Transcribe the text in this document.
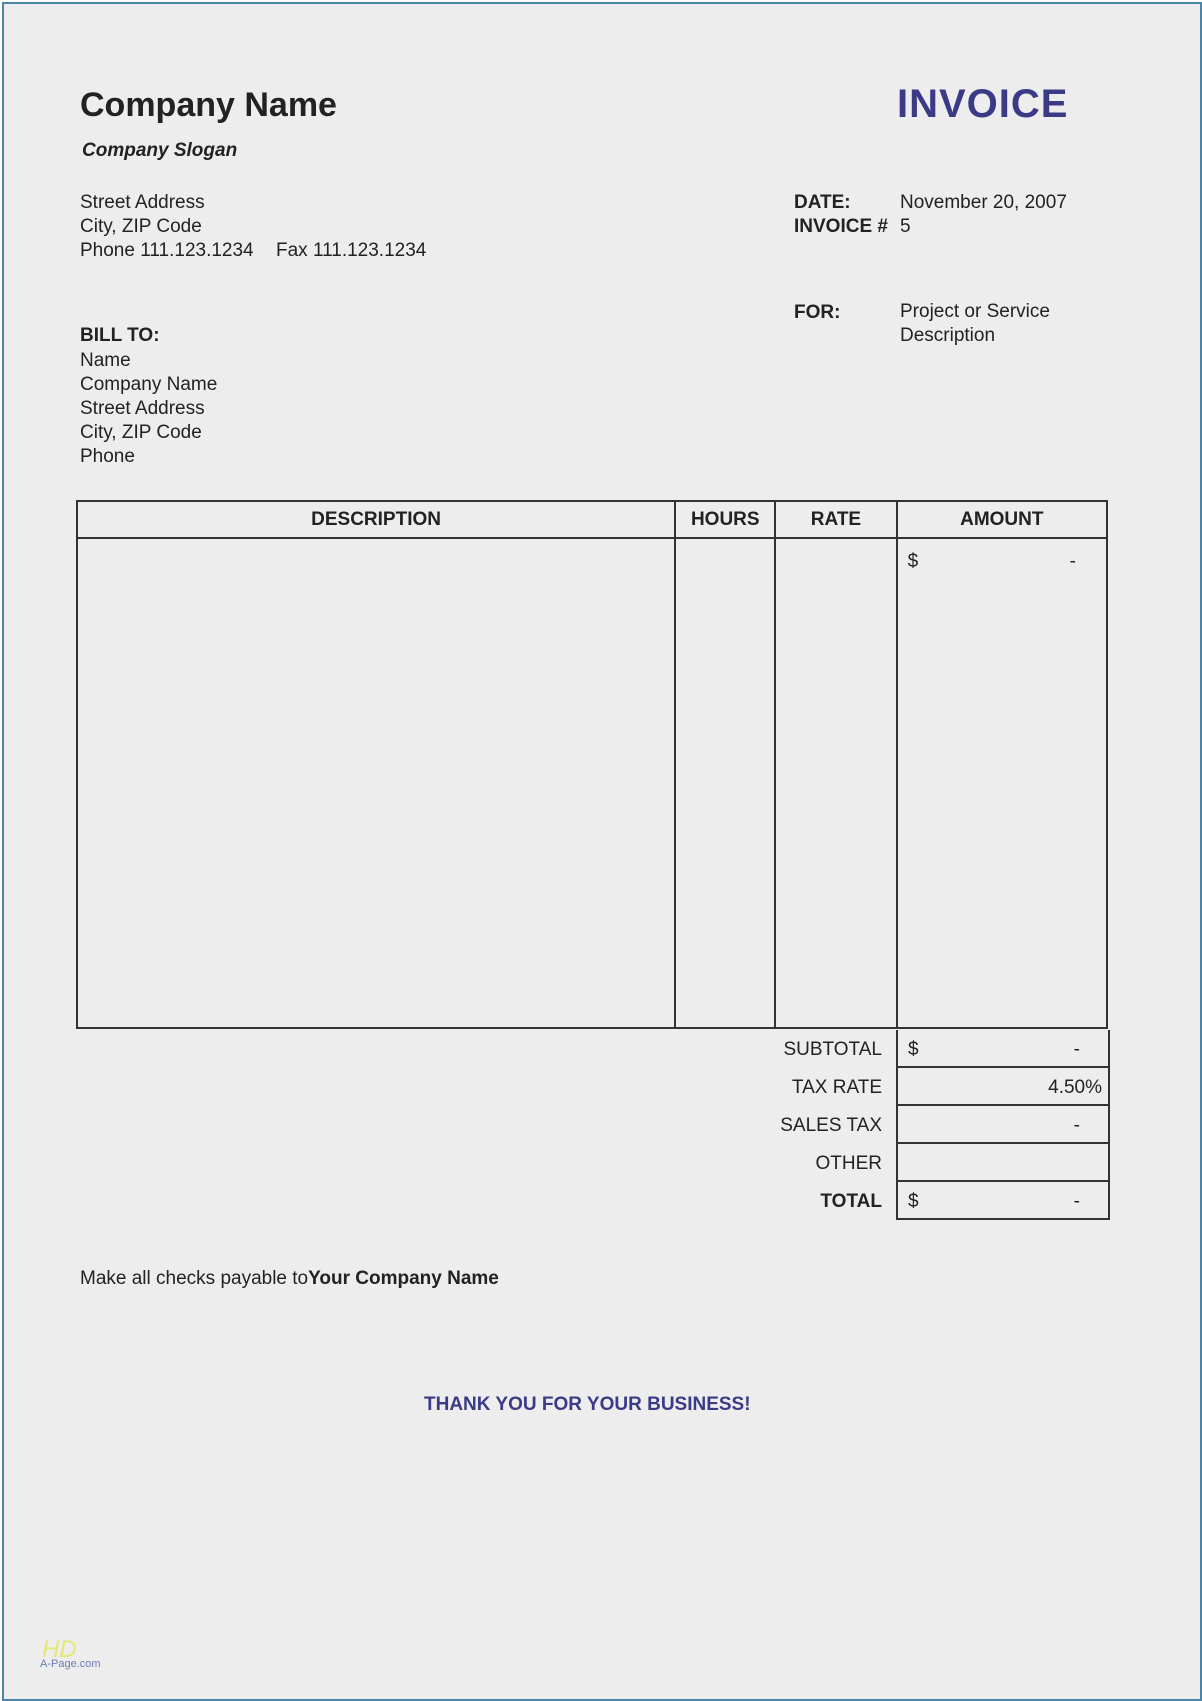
Company Name
Company Slogan
INVOICE
Street Address
City, ZIP Code
Phone 111.123.1234 Fax 111.123.1234
DATE:	November 20, 2007
INVOICE # 5
FOR:	Project or Service
Description
BILL TO:
Name
Company Name
Street Address
City, ZIP Code
Phone
DESCRIPTION	HOURS	RATE	AMOUNT

			$ -
SUBTOTAL $	-
TAX RATE	4.50%
SALES TAX	-
OTHER
TOTAL $	-
Make all checks payable toYour Company Name
THANK YOU FOR YOUR BUSINESS!
HD
A-Page.com
